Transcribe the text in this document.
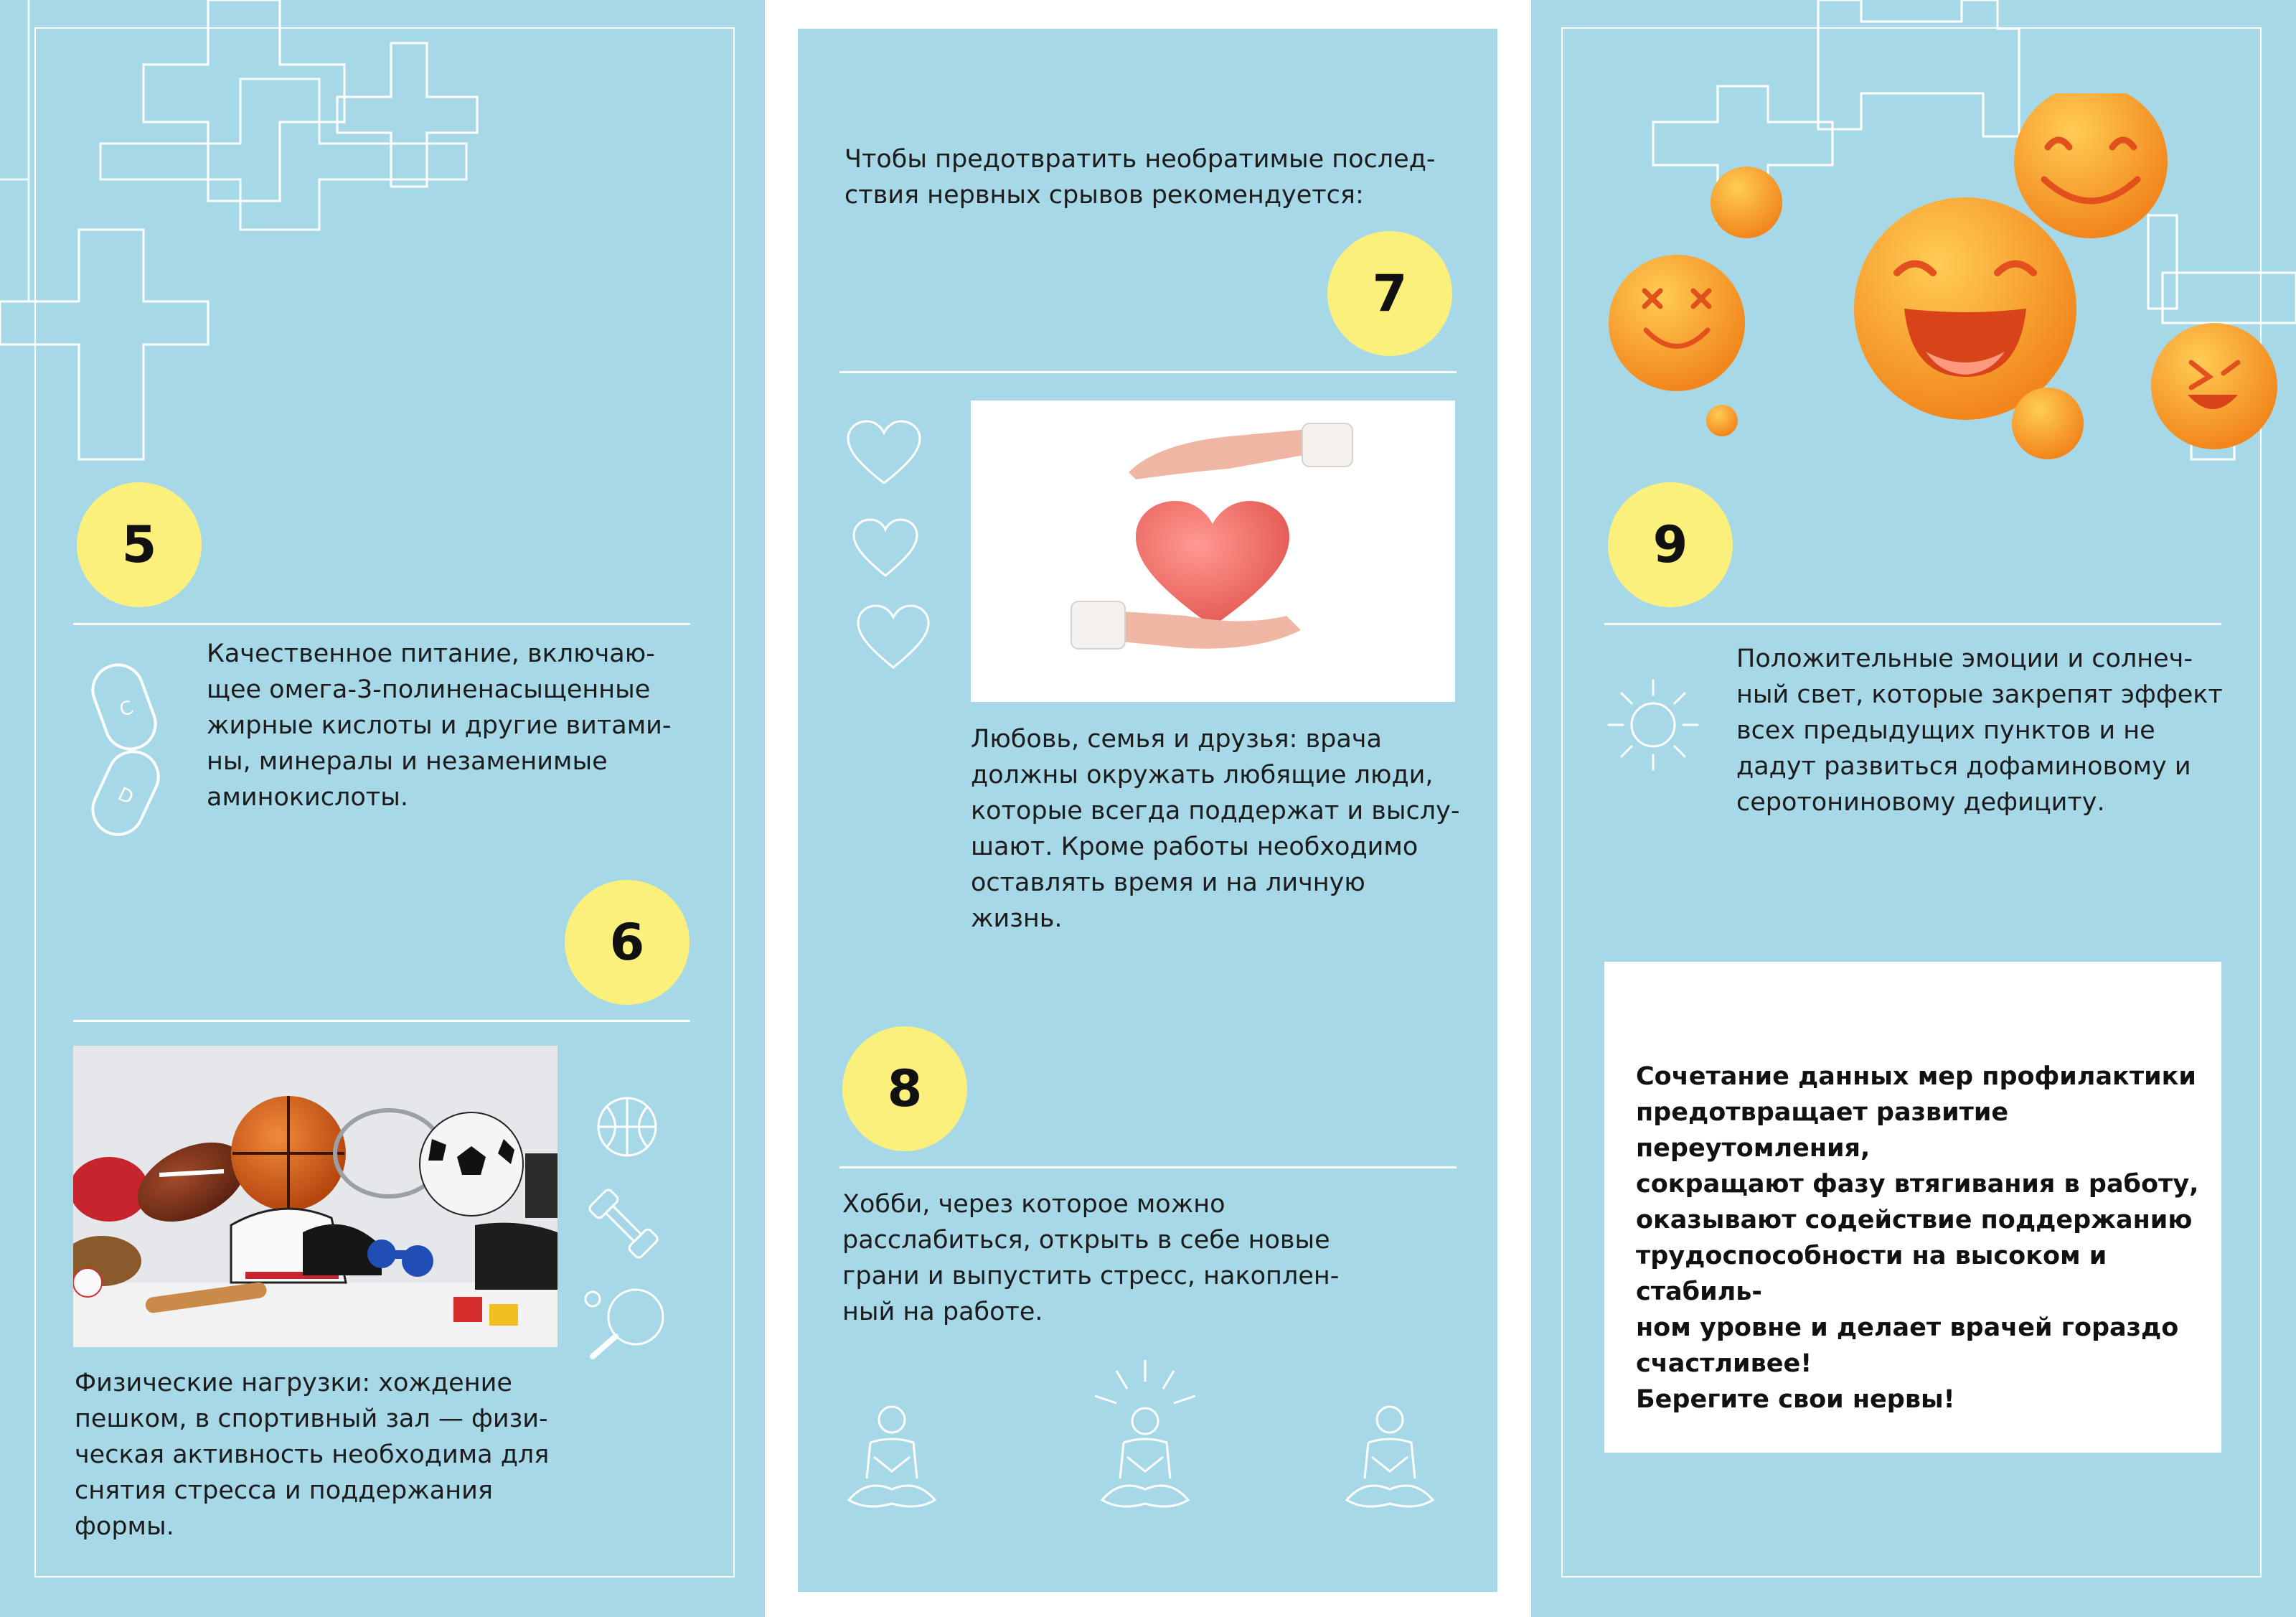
5
C
D
Качественное питание, включаю-
щее омега-3-полиненасыщенные
жирные кислоты и другие витами-
ны, минералы и незаменимые
аминокислоты.
6
Физические нагрузки: хождение
пешком, в спортивный зал — физи-
ческая активность необходима для
снятия стресса и поддержания
формы.
Чтобы предотвратить необратимые послед-
ствия нервных срывов рекомендуется:
7
Любовь, семья и друзья: врача
должны окружать любящие люди,
которые всегда поддержат и выслу-
шают. Кроме работы необходимо
оставлять время и на личную
жизнь.
8
Хобби, через которое можно
расслабиться, открыть в себе новые
грани и выпустить стресс, накоплен-
ный на работе.
9
Положительные эмоции и солнеч-
ный свет, которые закрепят эффект
всех предыдущих пунктов и не
дадут развиться дофаминовому и
серотониновому дефициту.
Сочетание данных мер профилактики
предотвращает развитие переутомления,
сокращают фазу втягивания в работу,
оказывают содействие поддержанию
трудоспособности на высоком и стабиль-
ном уровне и делает врачей гораздо
счастливее!
Берегите свои нервы!
